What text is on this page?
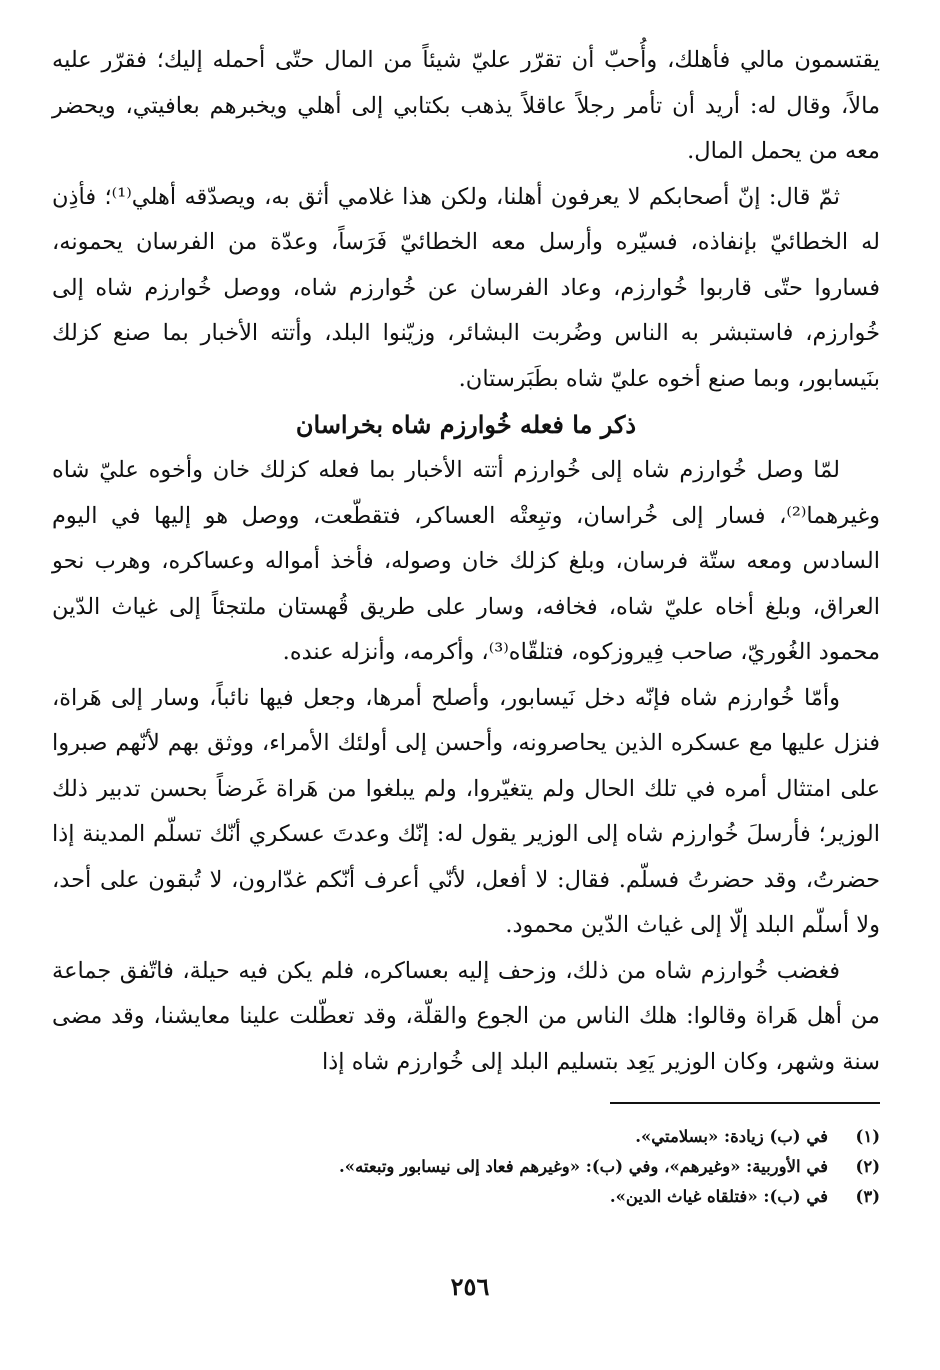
يقتسمون مالي فأهلك، وأُحبّ أن تقرّر عليّ شيئاً من المال حتّى أحمله إليك؛ فقرّر عليه مالاً، وقال له: أريد أن تأمر رجلاً عاقلاً يذهب بكتابي إلى أهلي ويخبرهم بعافيتي، ويحضر معه من يحمل المال.

ثمّ قال: إنّ أصحابكم لا يعرفون أهلنا، ولكن هذا غلامي أثق به، ويصدّقه أهلي⁽¹⁾؛ فأذِن له الخطائيّ بإنفاذه، فسيّره وأرسل معه الخطائيّ فَرَساً، وعدّة من الفرسان يحمونه، فساروا حتّى قاربوا خُوارزم، وعاد الفرسان عن خُوارزم شاه، ووصل خُوارزم شاه إلى خُوارزم، فاستبشر به الناس وضُربت البشائر، وزيّنوا البلد، وأتته الأخبار بما صنع كزلك بنَيسابور، وبما صنع أخوه عليّ شاه بطَبَرستان.

ذكر ما فعله خُوارزم شاه بخراسان

لمّا وصل خُوارزم شاه إلى خُوارزم أتته الأخبار بما فعله كزلك خان وأخوه عليّ شاه وغيرهما⁽²⁾، فسار إلى خُراسان، وتبِعتْه العساكر، فتقطّعت، ووصل هو إليها في اليوم السادس ومعه ستّة فرسان، وبلغ كزلك خان وصوله، فأخذ أمواله وعساكره، وهرب نحو العراق، وبلغ أخاه عليّ شاه، فخافه، وسار على طريق قُهستان ملتجئاً إلى غياث الدّين محمود الغُوريّ، صاحب فِيروزكوه، فتلقّاه⁽³⁾، وأكرمه، وأنزله عنده.

وأمّا خُوارزم شاه فإنّه دخل نَيسابور، وأصلح أمرها، وجعل فيها نائباً، وسار إلى هَراة، فنزل عليها مع عسكره الذين يحاصرونه، وأحسن إلى أولئك الأمراء، ووثق بهم لأنّهم صبروا على امتثال أمره في تلك الحال ولم يتغيّروا، ولم يبلغوا من هَراة غَرضاً بحسن تدبير ذلك الوزير؛ فأرسلَ خُوارزم شاه إلى الوزير يقول له: إنّك وعدتَ عسكري أنّك تسلّم المدينة إذا حضرتُ، وقد حضرتُ فسلّم. فقال: لا أفعل، لأنّي أعرف أنّكم غدّارون، لا تُبقون على أحد، ولا أسلّم البلد إلّا إلى غياث الدّين محمود.

فغضب خُوارزم شاه من ذلك، وزحف إليه بعساكره، فلم يكن فيه حيلة، فاتّفق جماعة من أهل هَراة وقالوا: هلك الناس من الجوع والقلّة، وقد تعطّلت علينا معايشنا، وقد مضى سنة وشهر، وكان الوزير يَعِد بتسليم البلد إلى خُوارزم شاه إذا

(١)
في (ب) زيادة: «بسلامتي».
(٢)
في الأوربية: «وغيرهم»، وفي (ب): «وغيرهم فعاد إلى نيسابور وتبعته».
(٣)
في (ب): «فتلقاه غياث الدين».
٢٥٦
